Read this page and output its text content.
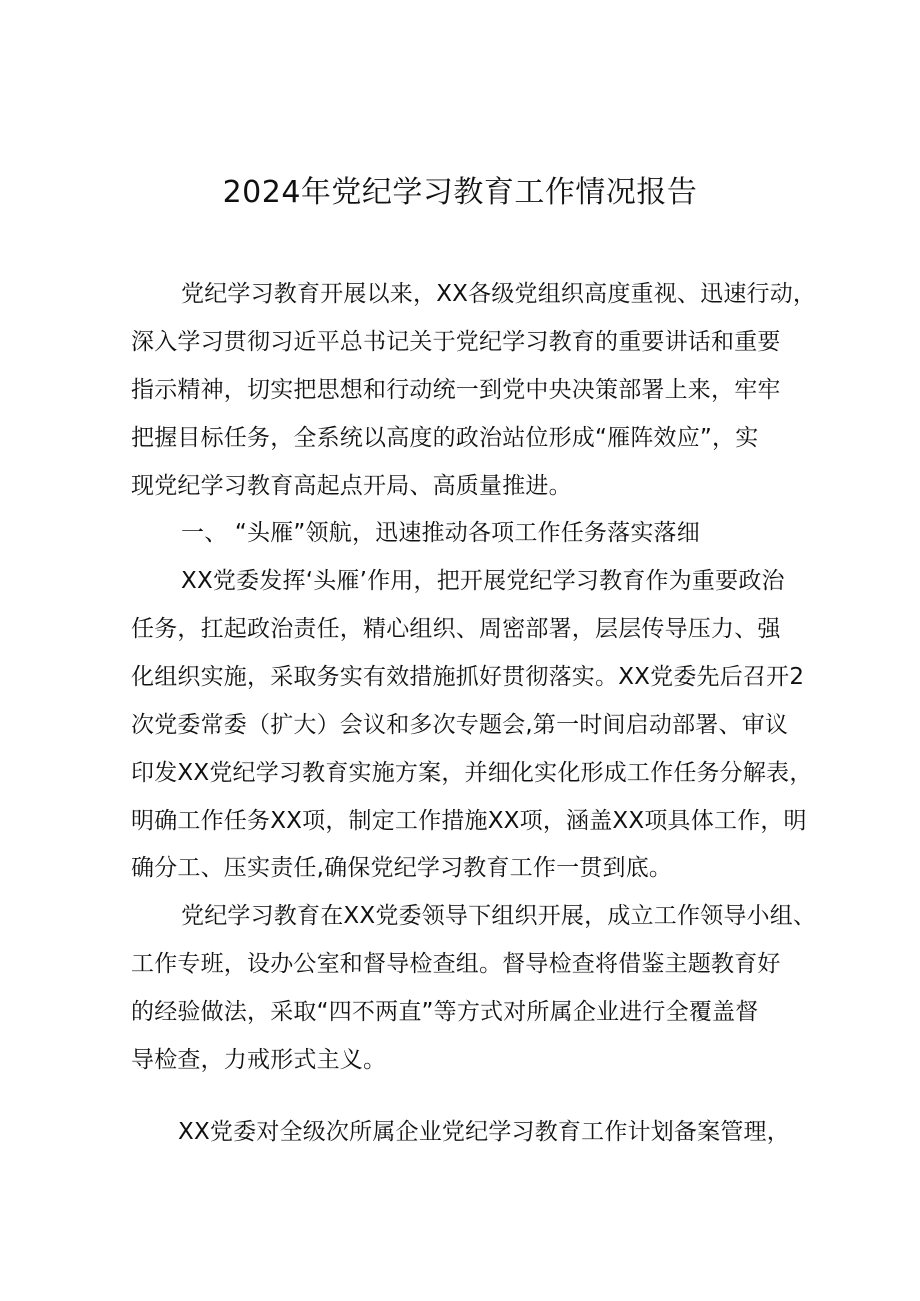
2024年党纪学习教育工作情况报告
党纪学习教育开展以来，XX各级党组织高度重视、迅速行动，
深入学习贯彻习近平总书记关于党纪学习教育的重要讲话和重要
指示精神，切实把思想和行动统一到党中央决策部署上来，牢牢
把握目标任务，全系统以高度的政治站位形成“雁阵效应”，实
现党纪学习教育高起点开局、高质量推进。
一、 “头雁”领航，迅速推动各项工作任务落实落细
XX党委发挥‘头雁’作用，把开展党纪学习教育作为重要政治
任务，扛起政治责任，精心组织、周密部署，层层传导压力、强
化组织实施，采取务实有效措施抓好贯彻落实。XX党委先后召开2
次党委常委（扩大）会议和多次专题会,第一时间启动部署、审议
印发XX党纪学习教育实施方案，并细化实化形成工作任务分解表，
明确工作任务XX项，制定工作措施XX项，涵盖XX项具体工作，明
确分工、压实责任,确保党纪学习教育工作一贯到底。
党纪学习教育在XX党委领导下组织开展，成立工作领导小组、
工作专班，设办公室和督导检查组。督导检查将借鉴主题教育好
的经验做法，采取“四不两直”等方式对所属企业进行全覆盖督
导检查，力戒形式主义。
XX党委对全级次所属企业党纪学习教育工作计划备案管理，
